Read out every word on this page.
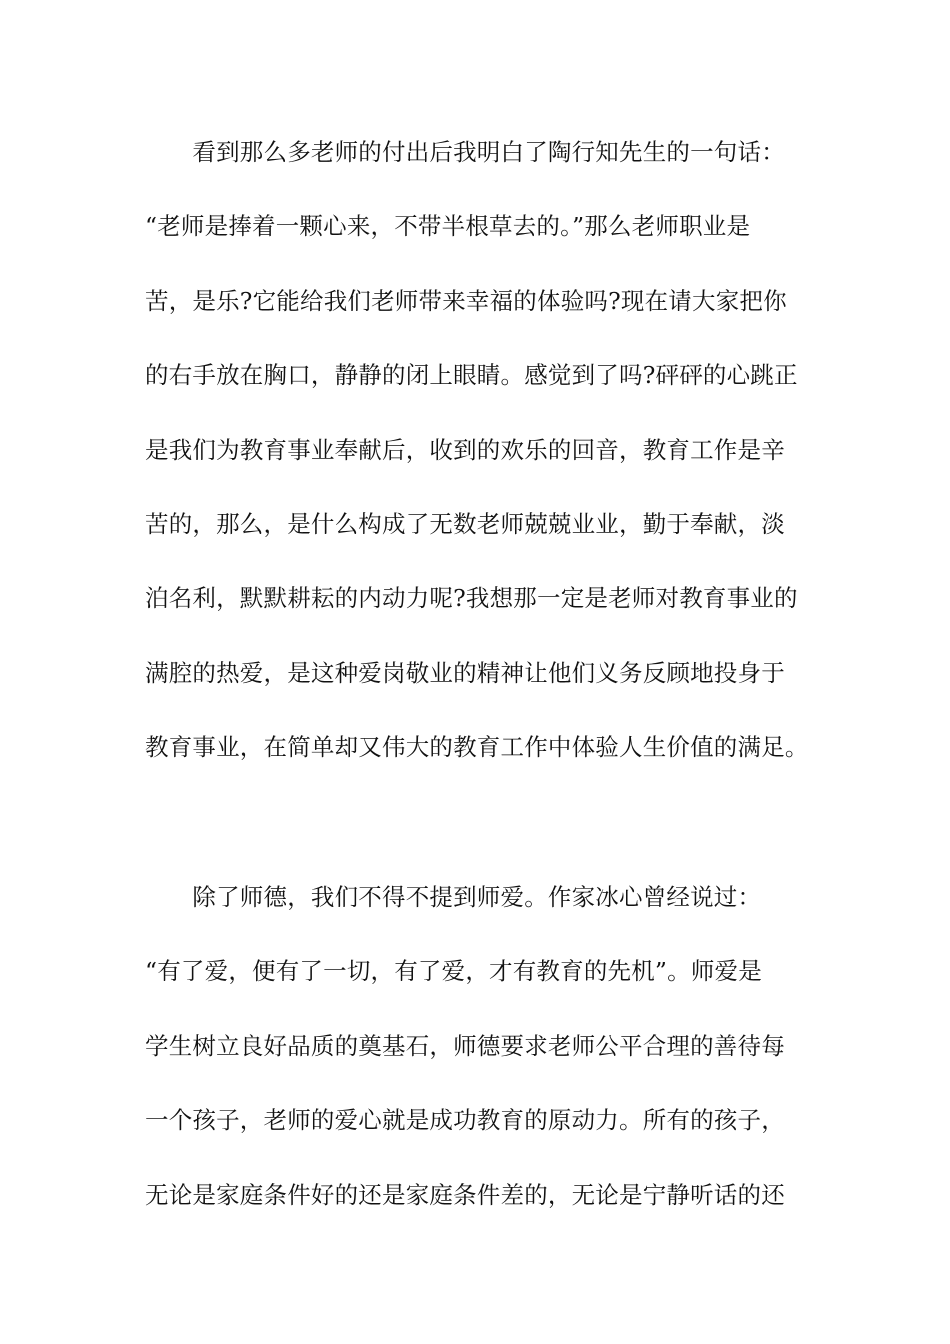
　　看到那么多老师的付出后我明白了陶行知先生的一句话：
“老师是捧着一颗心来，不带半根草去的。”那么老师职业是
苦，是乐?它能给我们老师带来幸福的体验吗?现在请大家把你
的右手放在胸口，静静的闭上眼睛。感觉到了吗?砰砰的心跳正
是我们为教育事业奉献后，收到的欢乐的回音，教育工作是辛
苦的，那么，是什么构成了无数老师兢兢业业，勤于奉献，淡
泊名利，默默耕耘的内动力呢?我想那一定是老师对教育事业的
满腔的热爱，是这种爱岗敬业的精神让他们义务反顾地投身于
教育事业，在简单却又伟大的教育工作中体验人生价值的满足。
　　除了师德，我们不得不提到师爱。作家冰心曾经说过：
“有了爱，便有了一切，有了爱，才有教育的先机”。师爱是
学生树立良好品质的奠基石，师德要求老师公平合理的善待每
一个孩子，老师的爱心就是成功教育的原动力。所有的孩子，
无论是家庭条件好的还是家庭条件差的，无论是宁静听话的还
